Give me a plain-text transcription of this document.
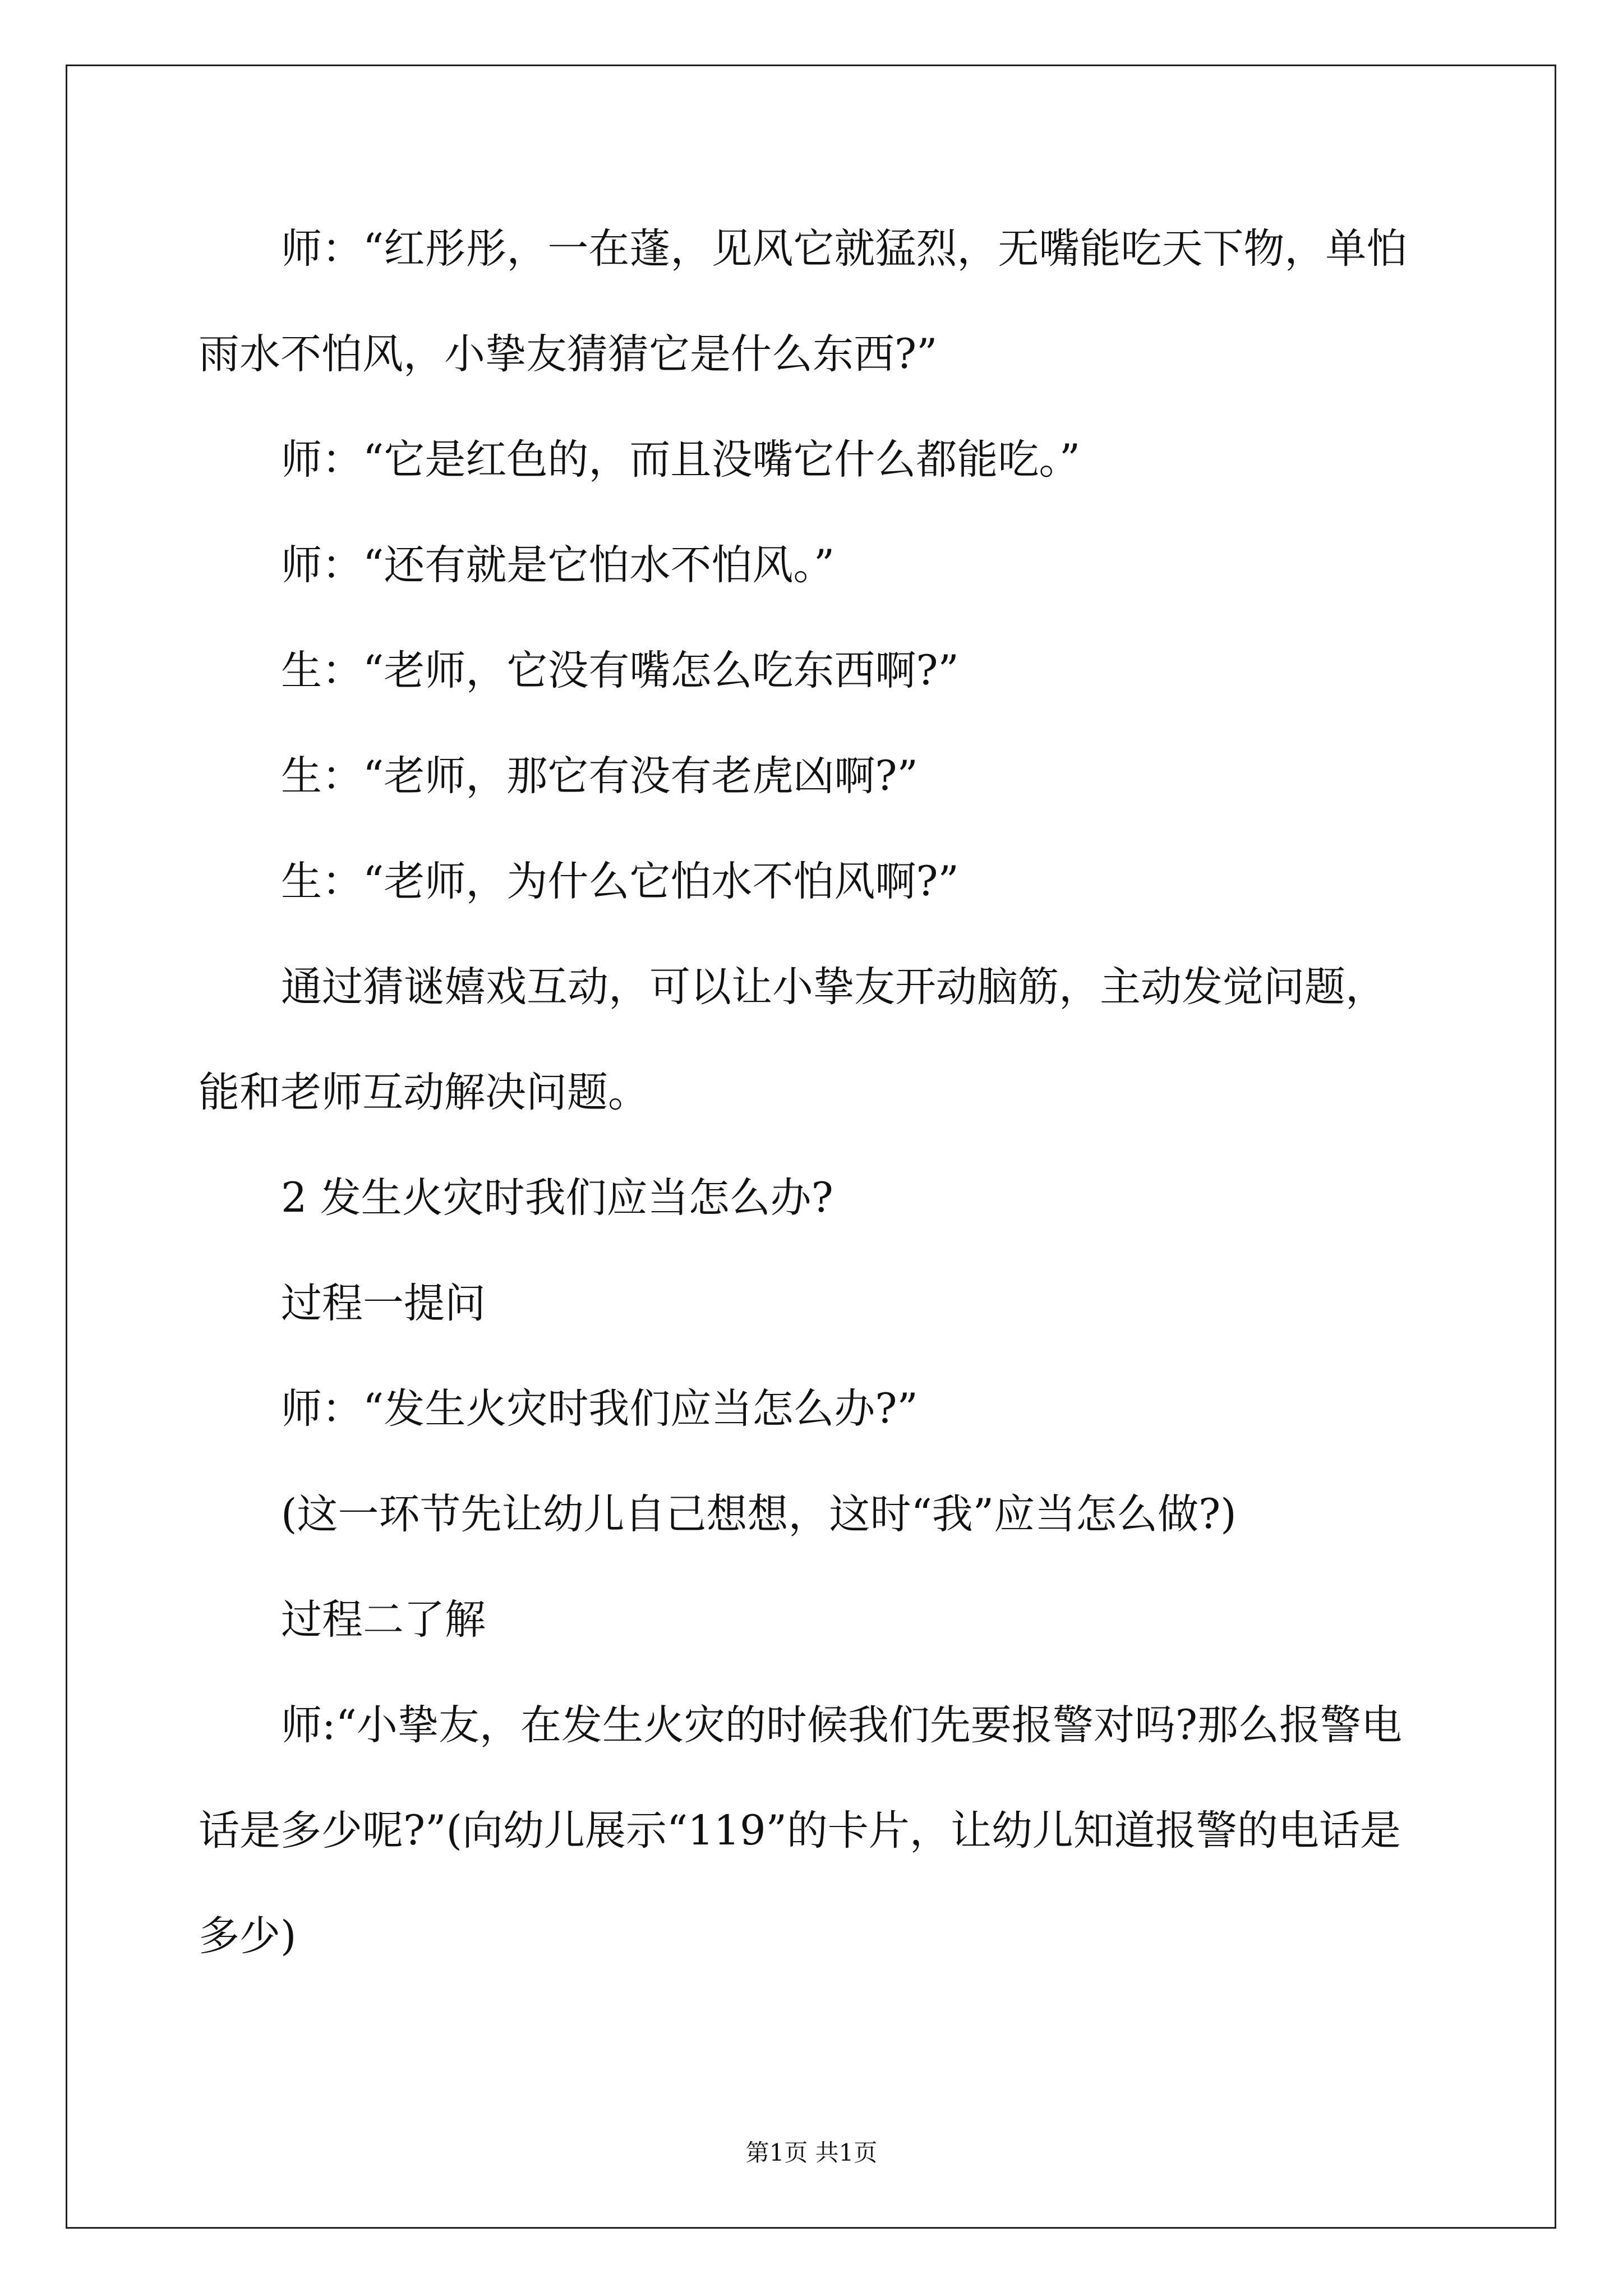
师：“红彤彤，一在蓬，见风它就猛烈，无嘴能吃天下物，单怕雨水不怕风，小挚友猜猜它是什么东西?”

师：“它是红色的，而且没嘴它什么都能吃。”

师：“还有就是它怕水不怕风。”

生：“老师，它没有嘴怎么吃东西啊?”

生：“老师，那它有没有老虎凶啊?”

生：“老师，为什么它怕水不怕风啊?”

通过猜谜嬉戏互动，可以让小挚友开动脑筋，主动发觉问题，能和老师互动解决问题。

2 发生火灾时我们应当怎么办?

过程一提问

师：“发生火灾时我们应当怎么办?”

(这一环节先让幼儿自己想想，这时“我”应当怎么做?)

过程二了解

师:“小挚友，在发生火灾的时候我们先要报警对吗?那么报警电话是多少呢?”(向幼儿展示“119”的卡片，让幼儿知道报警的电话是多少)

第1页 共1页
